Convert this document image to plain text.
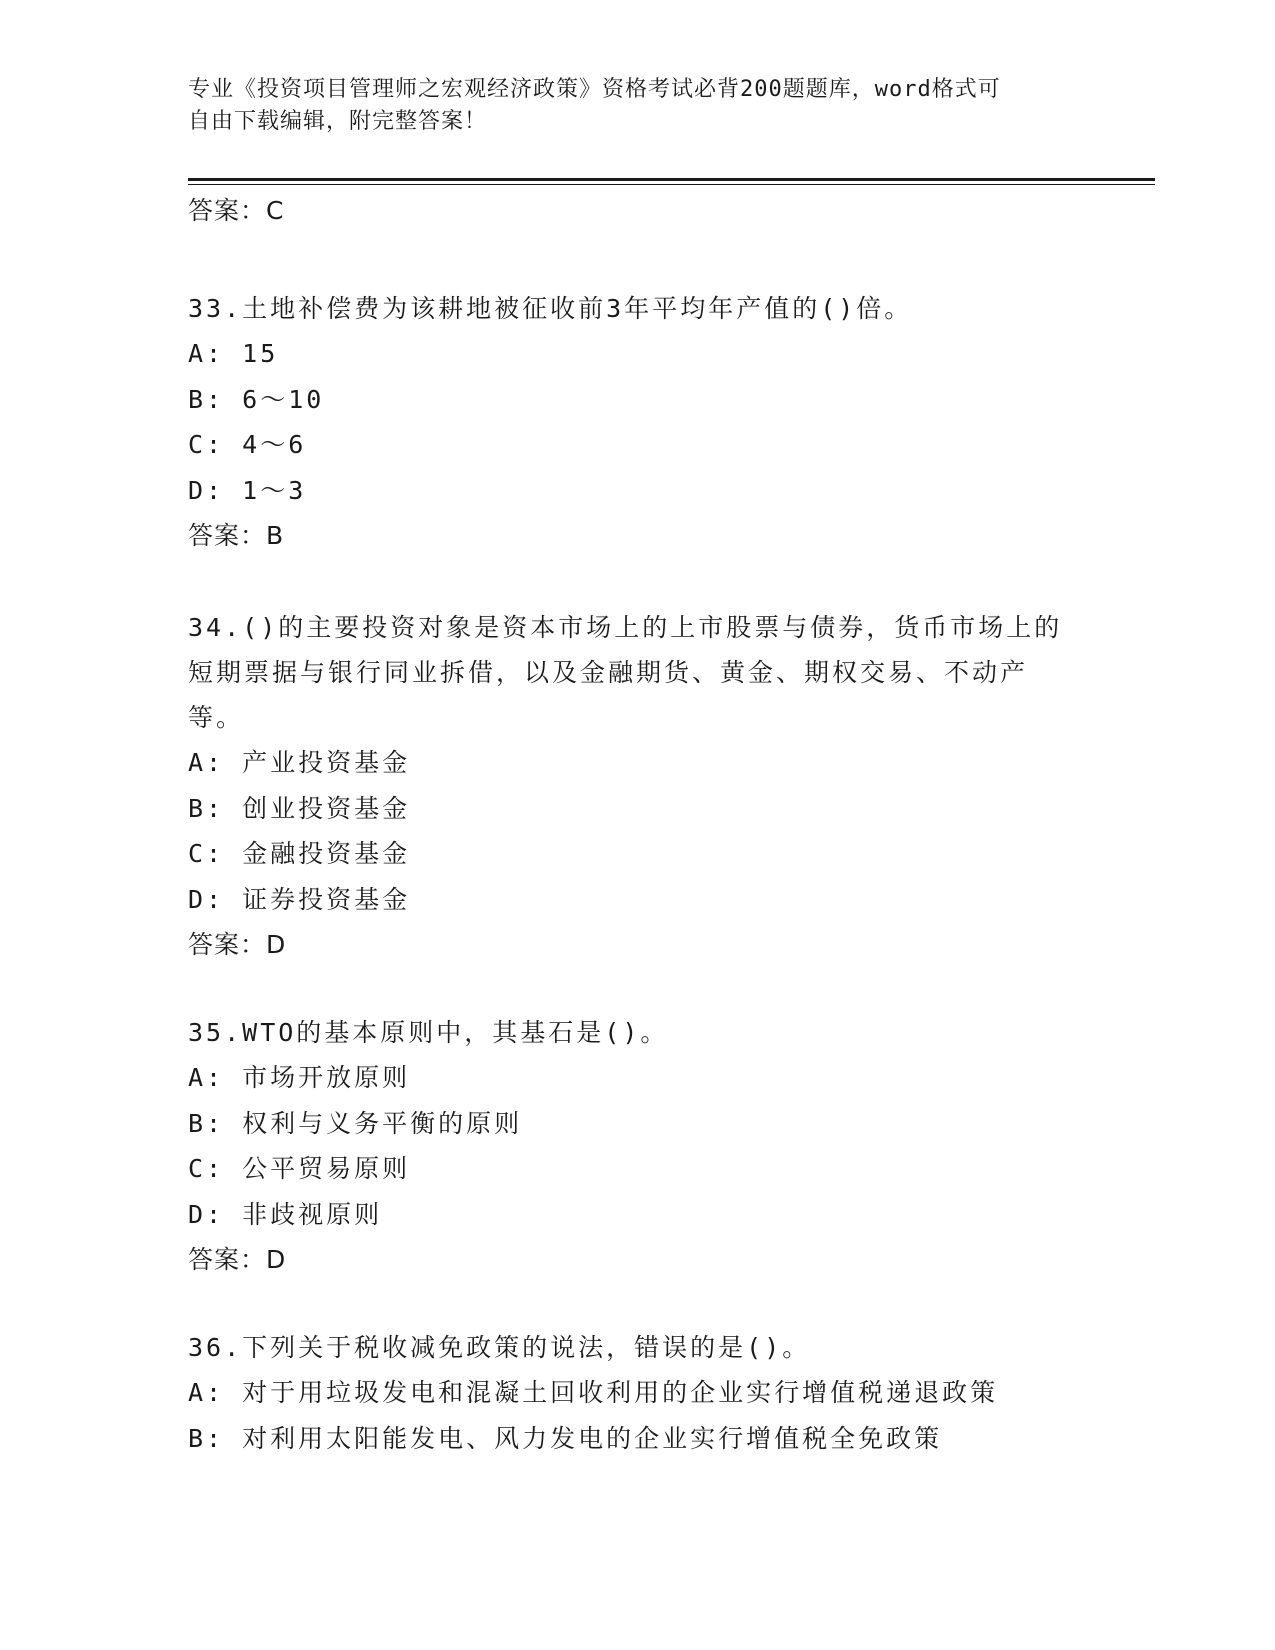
专业《投资项目管理师之宏观经济政策》资格考试必背200题题库，word格式可
自由下载编辑，附完整答案！

答案：C

33.土地补偿费为该耕地被征收前3年平均年产值的()倍。

A: 15

B: 6～10

C: 4～6

D: 1～3

答案：B

34.()的主要投资对象是资本市场上的上市股票与债券，货币市场上的

短期票据与银行同业拆借，以及金融期货、黄金、期权交易、不动产

等。

A: 产业投资基金

B: 创业投资基金

C: 金融投资基金

D: 证券投资基金

答案：D

35.WTO的基本原则中，其基石是()。

A: 市场开放原则

B: 权利与义务平衡的原则

C: 公平贸易原则

D: 非歧视原则

答案：D

36.下列关于税收减免政策的说法，错误的是()。

A: 对于用垃圾发电和混凝土回收利用的企业实行增值税递退政策

B: 对利用太阳能发电、风力发电的企业实行增值税全免政策
